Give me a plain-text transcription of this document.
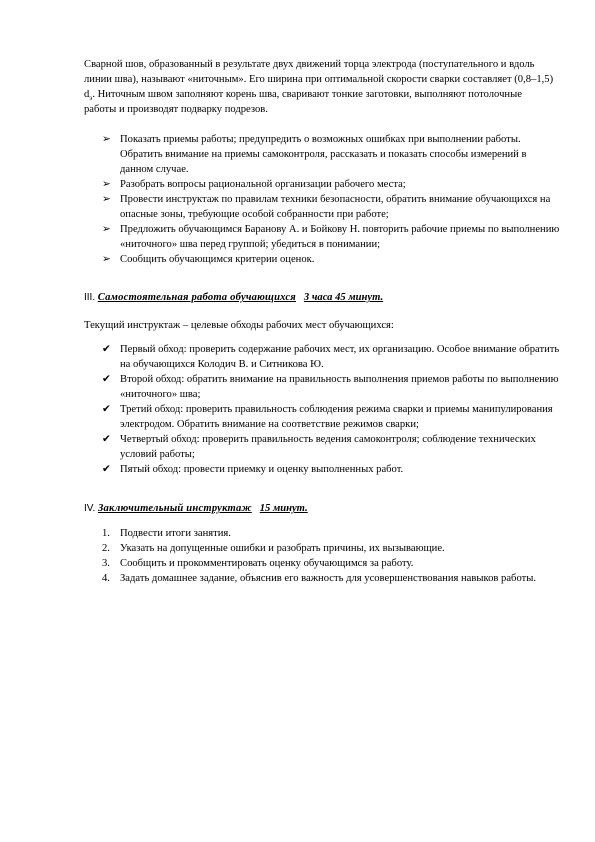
Сварной шов, образованный в результате двух движений торца электрода (поступательного и вдоль линии шва), называют «ниточным». Его ширина при оптимальной скорости сварки составляет (0,8–1,5) $d_э$. Ниточным швом заполняют корень шва, сваривают тонкие заготовки, выполняют потолочные работы и производят подварку подрезов.

➢ Показать приемы работы; предупредить о возможных ошибках при выполнении работы. Обратить внимание на приемы самоконтроля, рассказать и показать способы измерений в данном случае.
➢ Разобрать вопросы рациональной организации рабочего места;
➢ Провести инструктаж по правилам техники безопасности, обратить внимание обучающихся на опасные зоны, требующие особой собранности при работе;
➢ Предложить обучающимся Баранову А. и Бойкову Н. повторить рабочие приемы по выполнению «ниточного» шва перед группой; убедиться в понимании;
➢ Сообщить обучающимся критерии оценок.

III. Самостоятельная работа обучающихся 3 часа 45 минут.

Текущий инструктаж – целевые обходы рабочих мест обучающихся:

✔ Первый обход: проверить содержание рабочих мест, их организацию. Особое внимание обратить на обучающихся Колодич В. и Ситникова Ю.
✔ Второй обход: обратить внимание на правильность выполнения приемов работы по выполнению «ниточного» шва;
✔ Третий обход: проверить правильность соблюдения режима сварки и приемы манипулирования электродом. Обратить внимание на соответствие режимов сварки;
✔ Четвертый обход: проверить правильность ведения самоконтроля; соблюдение технических условий работы;
✔ Пятый обход: провести приемку и оценку выполненных работ.

IV. Заключительный инструктаж 15 минут.

1. Подвести итоги занятия.
2. Указать на допущенные ошибки и разобрать причины, их вызывающие.
3. Сообщить и прокомментировать оценку обучающимся за работу.
4. Задать домашнее задание, объяснив его важность для усовершенствования навыков работы.
